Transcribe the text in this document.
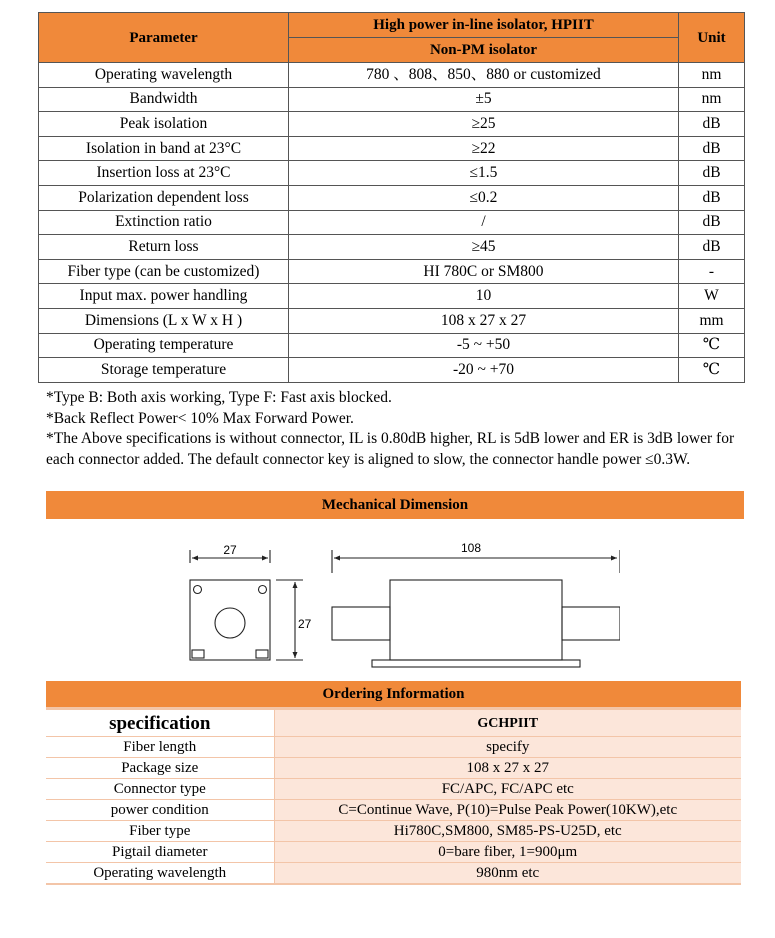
Parameter	High power in-line isolator, HPIIT	Unit
	Non-PM isolator	
Operating wavelength	780 、808、850、880 or customized	nm
Bandwidth	±5	nm
Peak isolation	≥25	dB
Isolation in band at 23°C	≥22	dB
Insertion loss at 23°C	≤1.5	dB
Polarization dependent loss	≤0.2	dB
Extinction ratio	/	dB
Return loss	≥45	dB
Fiber type (can be customized)	HI 780C or SM800	-
Input max. power handling	10	W
Dimensions (L x W x H )	108 x 27 x 27	mm
Operating temperature	-5 ~ +50	℃
Storage temperature	-20 ~ +70	℃

*Type B: Both axis working, Type F: Fast axis blocked.

*Back Reflect Power< 10% Max Forward Power.

*The Above specifications is without connector, IL is 0.80dB higher, RL is 5dB lower and ER is 3dB lower for each connector added. The default connector key is aligned to slow, the connector handle power ≤0.3W.

Mechanical Dimension
27
27
108
Ordering Information
specification	GCHPIIT
Fiber length	specify
Package size	108 x 27 x 27
Connector type	FC/APC, FC/APC etc
power condition	C=Continue Wave, P(10)=Pulse Peak Power(10KW),etc
Fiber type	Hi780C,SM800, SM85-PS-U25D, etc
Pigtail diameter	0=bare fiber, 1=900μm
Operating wavelength	980nm etc
